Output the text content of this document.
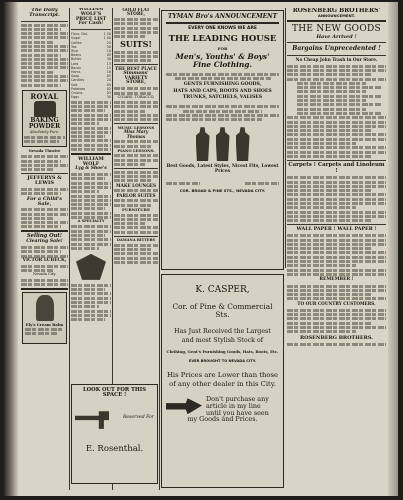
The Daily Transcript.
ROYAL
BAKING
POWDER
Absolutely Pure.
Nevada Theatre
JEFFERYS & LEWIS
For a Child's Sale,
Selling Out!
Clearing Sale!
VICTOR LUBECK,
Nevada City.
Ely's Cream Balm
WILLIAM WOLF'S
PRICE LIST
For Cash!
Flour, Dst.	1 50
Sugar	1 00
Coffee	25
Tea	50
Rice	10
Beans	05
Butter	30
Lard	15
Bacon	15
Hams	18
Soap	05
Candles	20
Salt	05
Potatoes	02
Onions	03
Eggs	30
WILLIAM WOLF
Lyg & Shoe's
A SPECIALTY
GOLD FLAT STORE,
SUITS!
THE BEST PLACE
Simmons'
VARIETY STORE,
CIGARS, TOBACCO,
MUSIC LESSONS
Miss Mary Thomas
PIANO LESSONS.
MAKE LOUNGES
PARLOR SUITES
FURNITURE
DAMANA BITTERS
TYMAN Bro's ANNOUNCEMENT
EVERY ONE KNOWS WE ARE
THE LEADING HOUSE
FOR
Men's, Youths' & Boys'
Fine Clothing.
GENTS FURNISHING GOODS,
HATS AND CAPS, BOOTS AND SHOES
TRUNKS, SATCHELS, VALISES
Best Goods, Latest Styles, Nicest Fits, Lowest Prices
COR. BROAD & PINE STS., NEVADA CITY.
ROSENBERG BROTHERS'
ANNOUNCEMENT.
THE NEW GOODS
Have Arrived !
Bargains Unprecedented !
No Cheap John Trash in Our Store.
Carpets ! Carpets and Linoleum !
WALL PAPER ! WALL PAPER !
REMEMBER !
TO OUR COUNTRY CUSTOMERS.
ROSENBERG BROTHERS.
K. CASPER,
Cor. of Pine & Commercial Sts.
Has Just Received the Largest
and most Stylish Stock of
Clothing, Gent's Furnishing Goods, Hats, Boots, Etc.
EVER BROUGHT TO NEVADA CITY.
His Prices are Lower than those
of any other dealer in this City.
Don't purchase any
article in my line
until you have seen
my Goods and Prices.
LOOK OUT FOR THIS SPACE !
Reserved For
E. Rosenthal.
